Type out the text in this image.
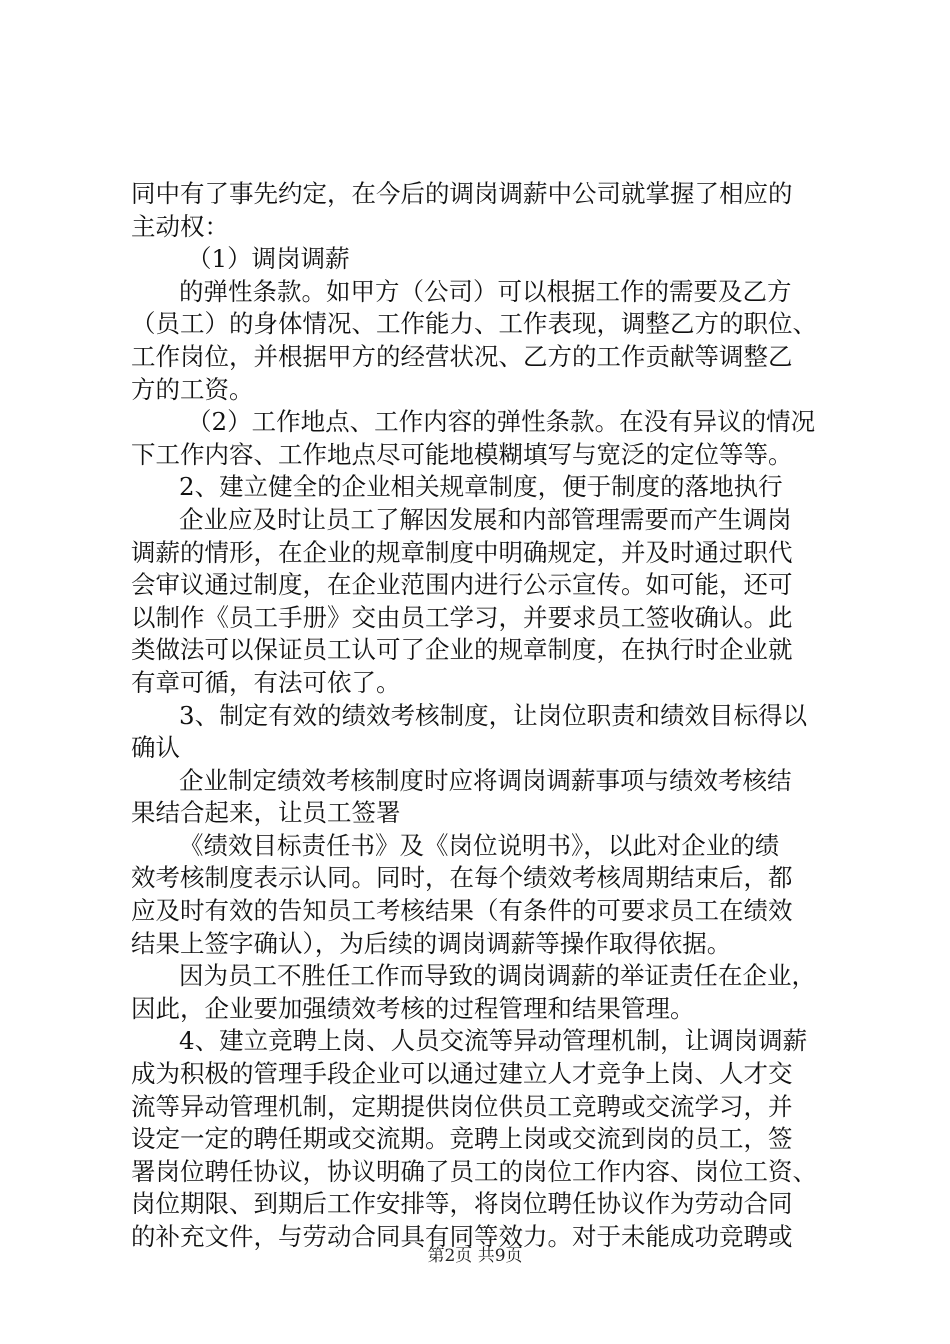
同中有了事先约定，在今后的调岗调薪中公司就掌握了相应的
主动权：
（1）调岗调薪
的弹性条款。如甲方（公司）可以根据工作的需要及乙方
（员工）的身体情况、工作能力、工作表现，调整乙方的职位、
工作岗位，并根据甲方的经营状况、乙方的工作贡献等调整乙
方的工资。
（2）工作地点、工作内容的弹性条款。在没有异议的情况
下工作内容、工作地点尽可能地模糊填写与宽泛的定位等等。
2、建立健全的企业相关规章制度，便于制度的落地执行
企业应及时让员工了解因发展和内部管理需要而产生调岗
调薪的情形，在企业的规章制度中明确规定，并及时通过职代
会审议通过制度，在企业范围内进行公示宣传。如可能，还可
以制作《员工手册》交由员工学习，并要求员工签收确认。此
类做法可以保证员工认可了企业的规章制度，在执行时企业就
有章可循，有法可依了。
3、制定有效的绩效考核制度，让岗位职责和绩效目标得以
确认
企业制定绩效考核制度时应将调岗调薪事项与绩效考核结
果结合起来，让员工签署
《绩效目标责任书》及《岗位说明书》，以此对企业的绩
效考核制度表示认同。同时，在每个绩效考核周期结束后，都
应及时有效的告知员工考核结果（有条件的可要求员工在绩效
结果上签字确认），为后续的调岗调薪等操作取得依据。
因为员工不胜任工作而导致的调岗调薪的举证责任在企业，
因此，企业要加强绩效考核的过程管理和结果管理。
4、建立竞聘上岗、人员交流等异动管理机制，让调岗调薪
成为积极的管理手段企业可以通过建立人才竞争上岗、人才交
流等异动管理机制，定期提供岗位供员工竞聘或交流学习，并
设定一定的聘任期或交流期。竞聘上岗或交流到岗的员工，签
署岗位聘任协议，协议明确了员工的岗位工作内容、岗位工资、
岗位期限、到期后工作安排等，将岗位聘任协议作为劳动合同
的补充文件，与劳动合同具有同等效力。对于未能成功竞聘或
第2页 共9页
